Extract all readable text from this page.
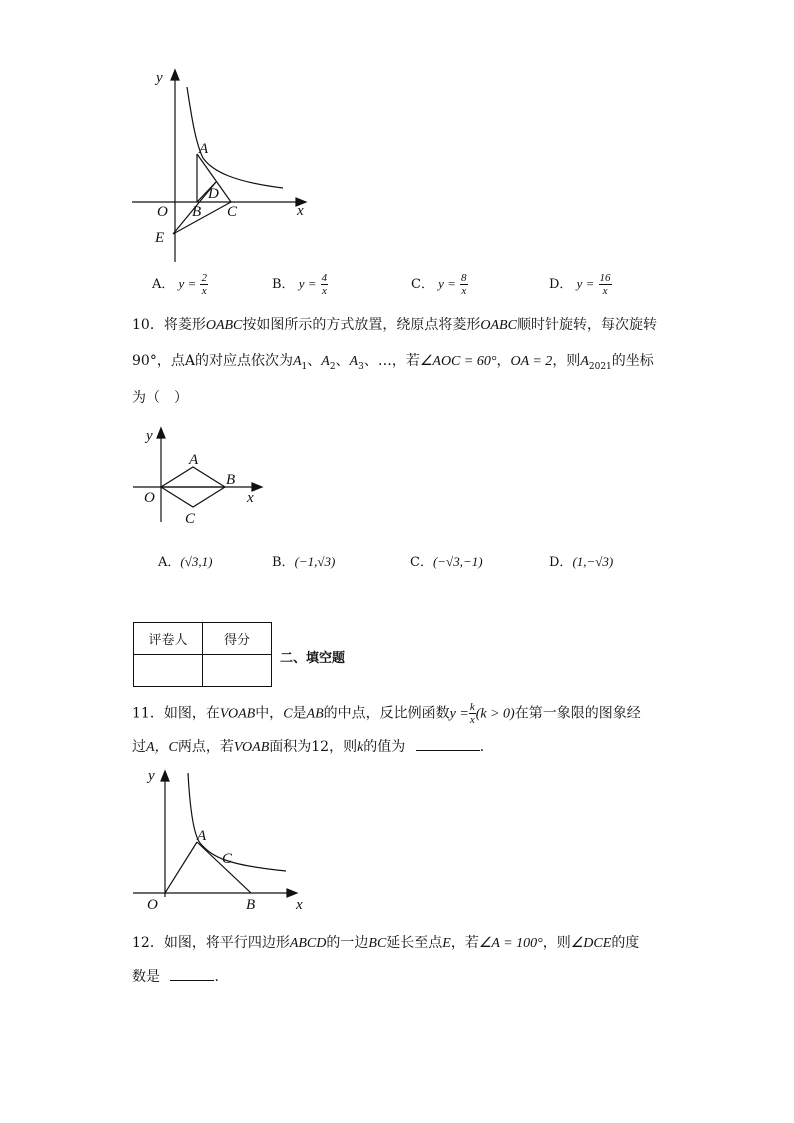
y
x
A
D
O B C
E
A． $y = \frac{2}{x}$	B． $y = \frac{4}{x}$	C． $y = \frac{8}{x}$	D． $y = \frac{16}{x}$
10．将菱形OABC按如图所示的方式放置，绕原点将菱形OABC顺时针旋转，每次旋转
90°，点A的对应点依次为$A_1$、$A_2$、$A_3$、…，若∠AOC = 60°，OA = 2，则$A_{2021}$的坐标
为（　）
y
A
B
O	x
C
A．(√3,1)	B．(−1,√3)	C．(−√3,−1)	D．(1,−√3)
评卷人	得分

二、填空题
11．如图，在VOAB中，C是AB的中点，反比例函数$y = \frac{k}{x} (k > 0)$在第一象限的图象经
过A，C两点，若VOAB面积为12，则k的值为	．
y
A
C
O	B	x
12．如图，将平行四边形ABCD的一边BC延长至点E，若∠A = 100°，则∠DCE的度
数是	．
